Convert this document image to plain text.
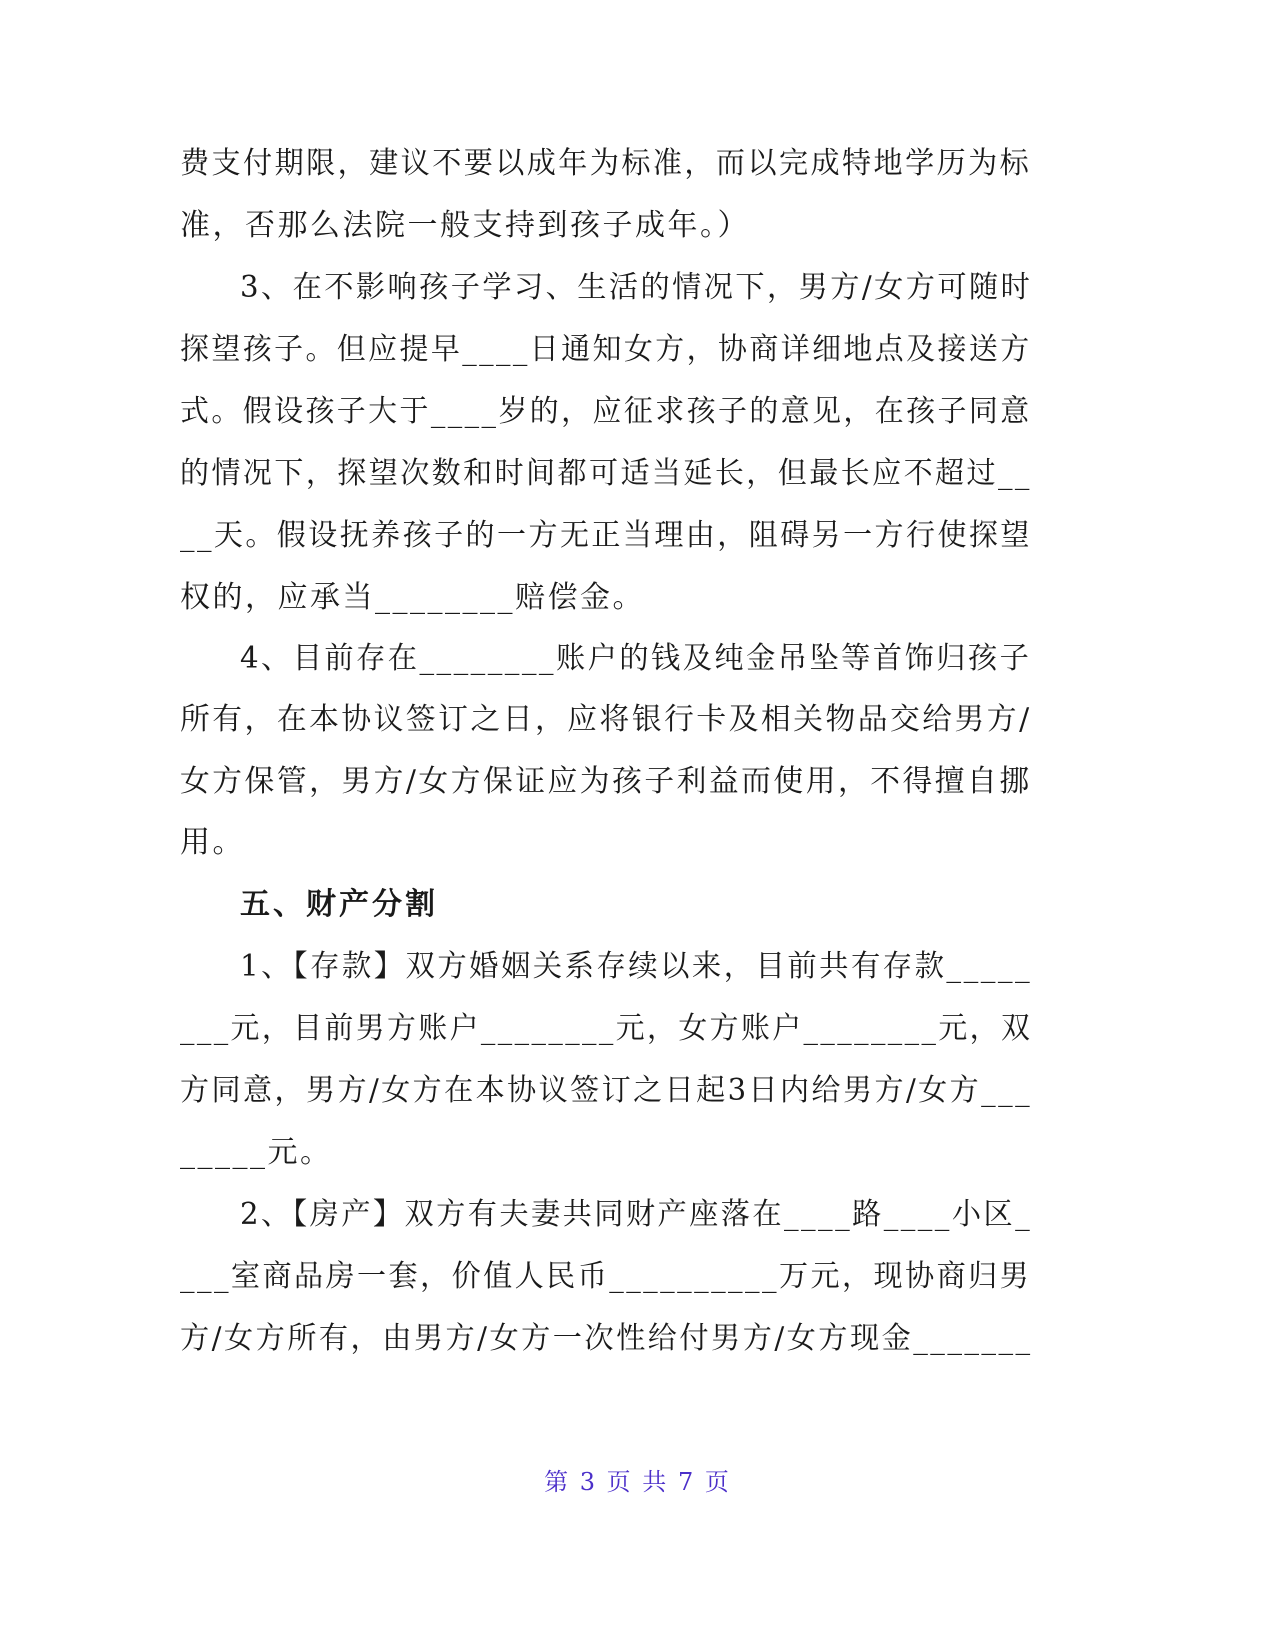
费支付期限，建议不要以成年为标准，而以完成特地学历为标
准，否那么法院一般支持到孩子成年。）
3、在不影响孩子学习、生活的情况下，男方/女方可随时
探望孩子。但应提早____日通知女方，协商详细地点及接送方
式。假设孩子大于____岁的，应征求孩子的意见，在孩子同意
的情况下，探望次数和时间都可适当延长，但最长应不超过__
__天。假设抚养孩子的一方无正当理由，阻碍另一方行使探望
权的，应承当________赔偿金。
4、目前存在________账户的钱及纯金吊坠等首饰归孩子
所有，在本协议签订之日，应将银行卡及相关物品交给男方/
女方保管，男方/女方保证应为孩子利益而使用，不得擅自挪
用。
五、财产分割
1、【存款】双方婚姻关系存续以来，目前共有存款_____
___元，目前男方账户________元，女方账户________元，双
方同意，男方/女方在本协议签订之日起3日内给男方/女方___
_____元。
2、【房产】双方有夫妻共同财产座落在____路____小区_
___室商品房一套，价值人民币__________万元，现协商归男
方/女方所有，由男方/女方一次性给付男方/女方现金_______
第 3 页 共 7 页
